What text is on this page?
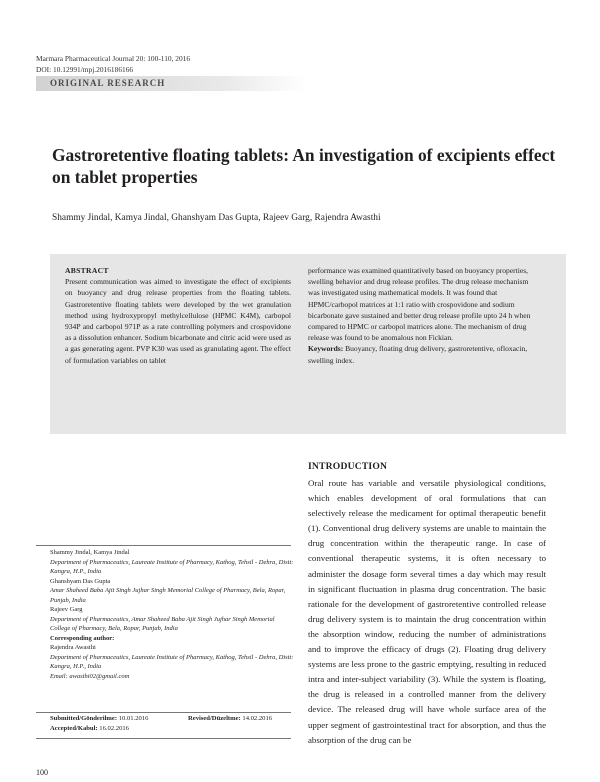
Marmara Pharmaceutical Journal 20: 100-110, 2016
DOI: 10.12991/mpj.2016186166
ORIGINAL RESEARCH
Gastroretentive floating tablets: An investigation of excipients effect on tablet properties
Shammy Jindal, Kamya Jindal, Ghanshyam Das Gupta, Rajeev Garg, Rajendra Awasthi
ABSTRACT
Present communication was aimed to investigate the effect of excipients on buoyancy and drug release properties from the floating tablets. Gastroretentive floating tablets were developed by the wet granulation method using hydroxypropyl methylcellulose (HPMC K4M), carbopol 934P and carbopol 971P as a rate controlling polymers and crospovidone as a dissolution enhancer. Sodium bicarbonate and citric acid were used as a gas generating agent. PVP K30 was used as granulating agent. The effect of formulation variables on tablet
performance was examined quantitatively based on buoyancy properties, swelling behavior and drug release profiles. The drug release mechanism was investigated using mathematical models. It was found that HPMC/carbopol matrices at 1:1 ratio with crospovidone and sodium bicarbonate gave sustained and better drug release profile upto 24 h when compared to HPMC or carbopol matrices alone. The mechanism of drug release was found to be anomalous non Fickian.
Keywords: Buoyancy, floating drug delivery, gastroretentive, ofloxacin, swelling index.
INTRODUCTION
Oral route has variable and versatile physiological conditions, which enables development of oral formulations that can selectively release the medicament for optimal therapeutic benefit (1). Conventional drug delivery systems are unable to maintain the drug concentration within the therapeutic range. In case of conventional therapeutic systems, it is often necessary to administer the dosage form several times a day which may result in significant fluctuation in plasma drug concentration. The basic rationale for the development of gastroretentive controlled release drug delivery system is to maintain the drug concentration within the absorption window, reducing the number of administrations and to improve the efficacy of drugs (2). Floating drug delivery systems are less prone to the gastric emptying, resulting in reduced intra and inter-subject variability (3). While the system is floating, the drug is released in a controlled manner from the delivery device. The released drug will have whole surface area of the upper segment of gastrointestinal tract for absorption, and thus the absorption of the drug can be

Shammy Jindal, Kamya Jindal

Department of Pharmaceutics, Laureate Institute of Pharmacy, Kathog, Tehsil - Dehra, Distt: Kangra, H.P., India

Ghanshyam Das Gupta

Amar Shaheed Baba Ajit Singh Jujhar Singh Memorial College of Pharmacy, Bela, Ropar, Punjab, India

Rajeev Garg

Department of Pharmaceutics, Amar Shaheed Baba Ajit Singh Jujhar Singh Memorial College of Pharmacy, Bela, Ropar, Punjab, India

Corresponding author:

Rajendra Awasthi

Department of Pharmaceutics, Laureate Institute of Pharmacy, Kathog, Tehsil - Dehra, Distt: Kangra, H.P., India

Email: awasthi02@gmail.com

Submitted/Gönderilme: 10.01.2016	Revised/Düzeltme: 14.02.2016
Accepted/Kabul: 16.02.2016
100
